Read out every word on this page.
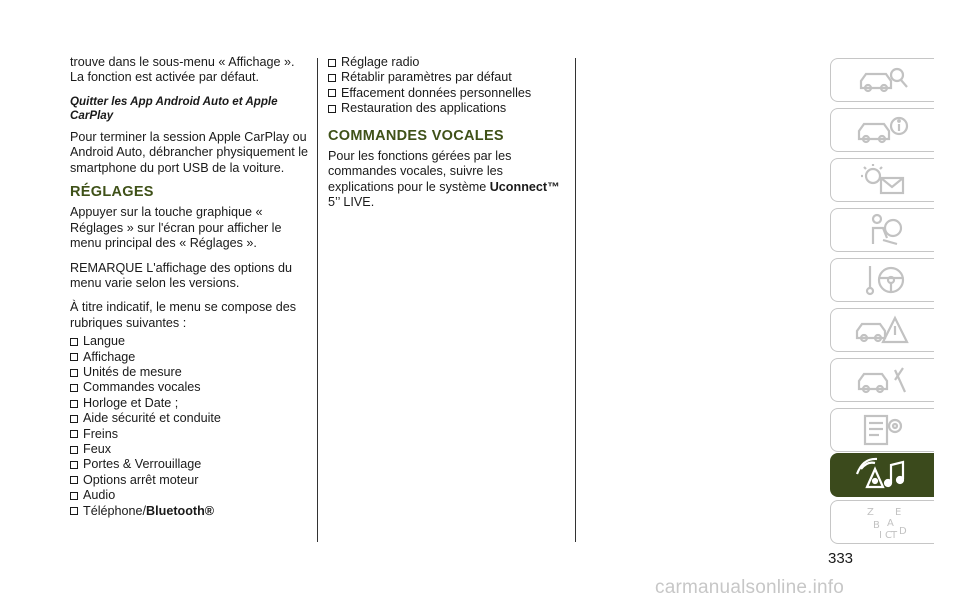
trouve dans le sous-menu « Affichage ».
La fonction est activée par défaut.

Quitter les App Android Auto et Apple CarPlay

Pour terminer la session Apple CarPlay ou Android Auto, débrancher physiquement le smartphone du port USB de la voiture.

RÉGLAGES

Appuyer sur la touche graphique « Réglages » sur l'écran pour afficher le menu principal des « Réglages ».

REMARQUE L'affichage des options du menu varie selon les versions.

À titre indicatif, le menu se compose des rubriques suivantes :

Langue
Affichage
Unités de mesure
Commandes vocales
Horloge et Date ;
Aide sécurité et conduite
Freins
Feux
Portes & Verrouillage
Options arrêt moteur
Audio
Téléphone/ Bluetooth®
Réglage radio
Rétablir paramètres par défaut
Effacement données personnelles
Restauration des applications
COMMANDES VOCALES

Pour les fonctions gérées par les commandes vocales, suivre les explications pour le système Uconnect™
5’’ LIVE.

Z E
B A
I C T D
333
carmanualsonline.info
